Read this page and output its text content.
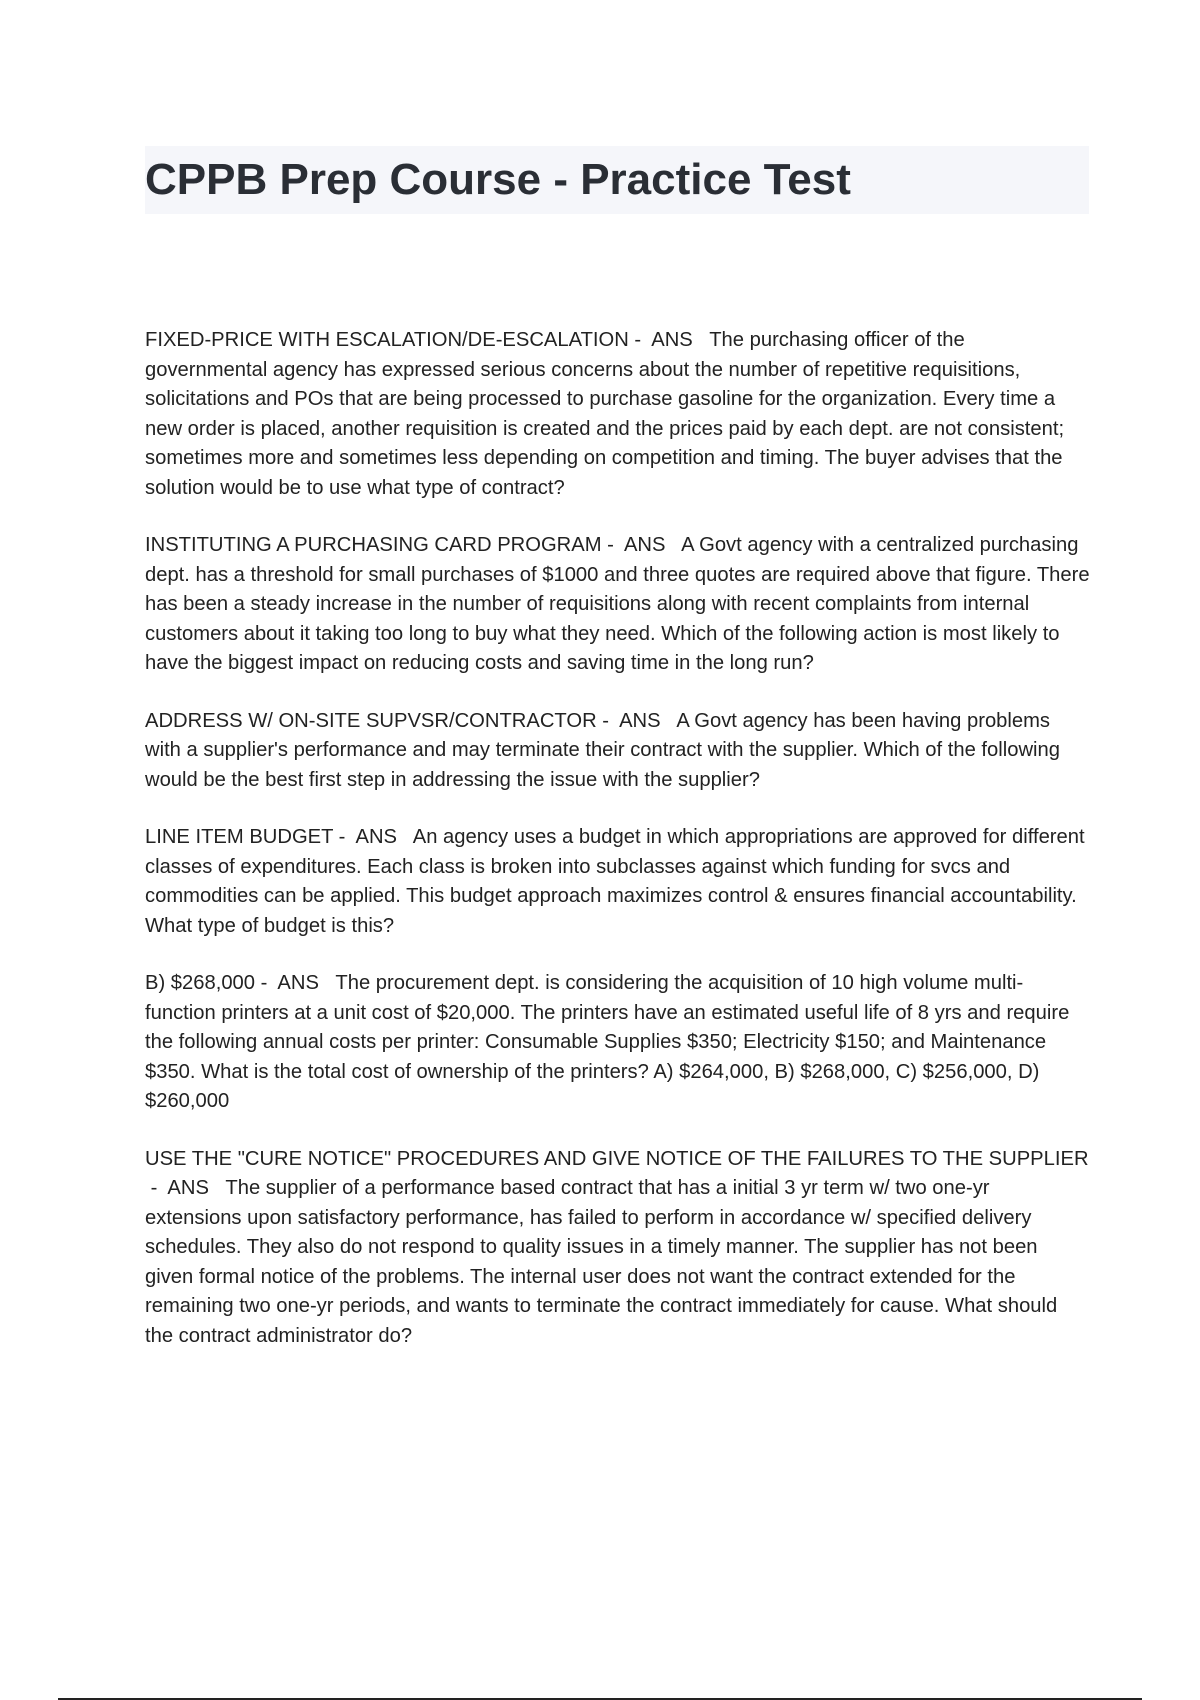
CPPB Prep Course - Practice Test

FIXED-PRICE WITH ESCALATION/DE-ESCALATION -  ANS   The purchasing officer of the governmental agency has expressed serious concerns about the number of repetitive requisitions, solicitations and POs that are being processed to purchase gasoline for the organization. Every time a new order is placed, another requisition is created and the prices paid by each dept. are not consistent; sometimes more and sometimes less depending on competition and timing. The buyer advises that the solution would be to use what type of contract?

INSTITUTING A PURCHASING CARD PROGRAM -  ANS   A Govt agency with a centralized purchasing dept. has a threshold for small purchases of $1000 and three quotes are required above that figure. There has been a steady increase in the number of requisitions along with recent complaints from internal customers about it taking too long to buy what they need. Which of the following action is most likely to have the biggest impact on reducing costs and saving time in the long run?

ADDRESS W/ ON-SITE SUPVSR/CONTRACTOR -  ANS   A Govt agency has been having problems with a supplier's performance and may terminate their contract with the supplier. Which of the following would be the best first step in addressing the issue with the supplier?

LINE ITEM BUDGET -  ANS   An agency uses a budget in which appropriations are approved for different classes of expenditures. Each class is broken into subclasses against which funding for svcs and commodities can be applied. This budget approach maximizes control & ensures financial accountability. What type of budget is this?

B) $268,000 -  ANS   The procurement dept. is considering the acquisition of 10 high volume multi-function printers at a unit cost of $20,000. The printers have an estimated useful life of 8 yrs and require the following annual costs per printer: Consumable Supplies $350; Electricity $150; and Maintenance $350. What is the total cost of ownership of the printers? A) $264,000, B) $268,000, C) $256,000, D) $260,000

USE THE "CURE NOTICE" PROCEDURES AND GIVE NOTICE OF THE FAILURES TO THE SUPPLIER -  ANS   The supplier of a performance based contract that has a initial 3 yr term w/ two one-yr extensions upon satisfactory performance, has failed to perform in accordance w/ specified delivery schedules. They also do not respond to quality issues in a timely manner. The supplier has not been given formal notice of the problems. The internal user does not want the contract extended for the remaining two one-yr periods, and wants to terminate the contract immediately for cause. What should the contract administrator do?
